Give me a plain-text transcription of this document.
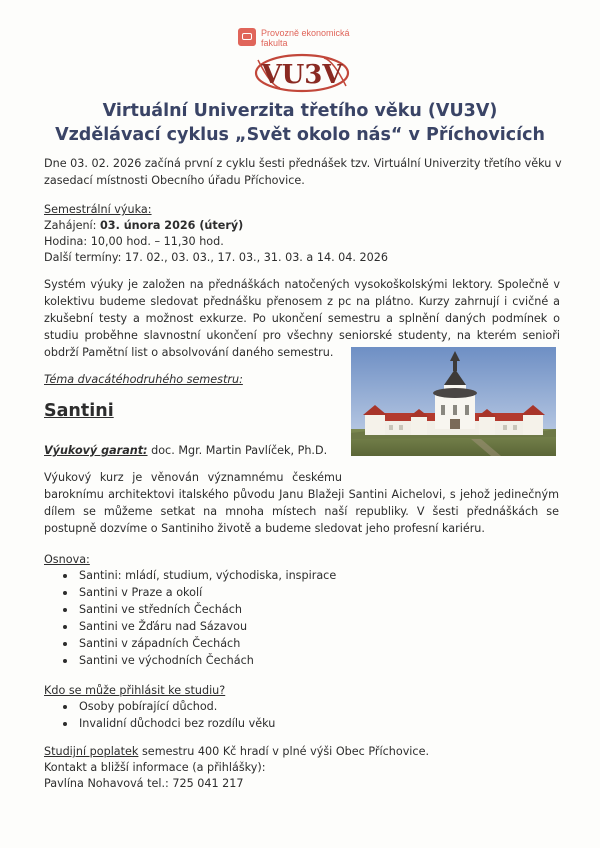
Provozně ekonomická
fakulta
VU3V
Virtuální Univerzita třetího věku (VU3V)
Vzdělávací cyklus „Svět okolo nás“ v Příchovicích
Dne 03. 02. 2026 začíná první z cyklu šesti přednášek tzv. Virtuální Univerzity třetího věku v zasedací místnosti Obecního úřadu Příchovice.
Semestrální výuka:
Zahájení: 03. února 2026 (úterý)
Hodina: 10,00 hod. – 11,30 hod.
Další termíny: 17. 02., 03. 03., 17. 03., 31. 03. a 14. 04. 2026
Systém výuky je založen na přednáškách natočených vysokoškolskými lektory. Společně v kolektivu budeme sledovat přednášku přenosem z pc na plátno. Kurzy zahrnují i cvičné a zkušební testy a možnost exkurze. Po ukončení semestru a splnění daných podmínek o studiu proběhne slavnostní ukončení pro všechny seniorské studenty, na kterém senioři obdrží Pamětní list o absolvování daného semestru.
Téma dvacátéhodruhého semestru:
Santini
Výukový garant: doc. Mgr. Martin Pavlíček, Ph.D.
Výukový kurz je věnován významnému českému
baroknímu architektovi italského původu Janu Blažeji Santini Aichelovi, s jehož jedinečným dílem se můžeme setkat na mnoha místech naší republiky. V šesti přednáškách se postupně dozvíme o Santiniho životě a budeme sledovat jeho profesní kariéru.
Osnova:
Santini: mládí, studium, východiska, inspirace
Santini v Praze a okolí
Santini ve středních Čechách
Santini ve Žďáru nad Sázavou
Santini v západních Čechách
Santini ve východních Čechách
Kdo se může přihlásit ke studiu?
Osoby pobírající důchod.
Invalidní důchodci bez rozdílu věku
Studijní poplatek semestru 400 Kč hradí v plné výši Obec Příchovice.
Kontakt a bližší informace (a přihlášky):
Pavlína Nohavová tel.: 725 041 217
